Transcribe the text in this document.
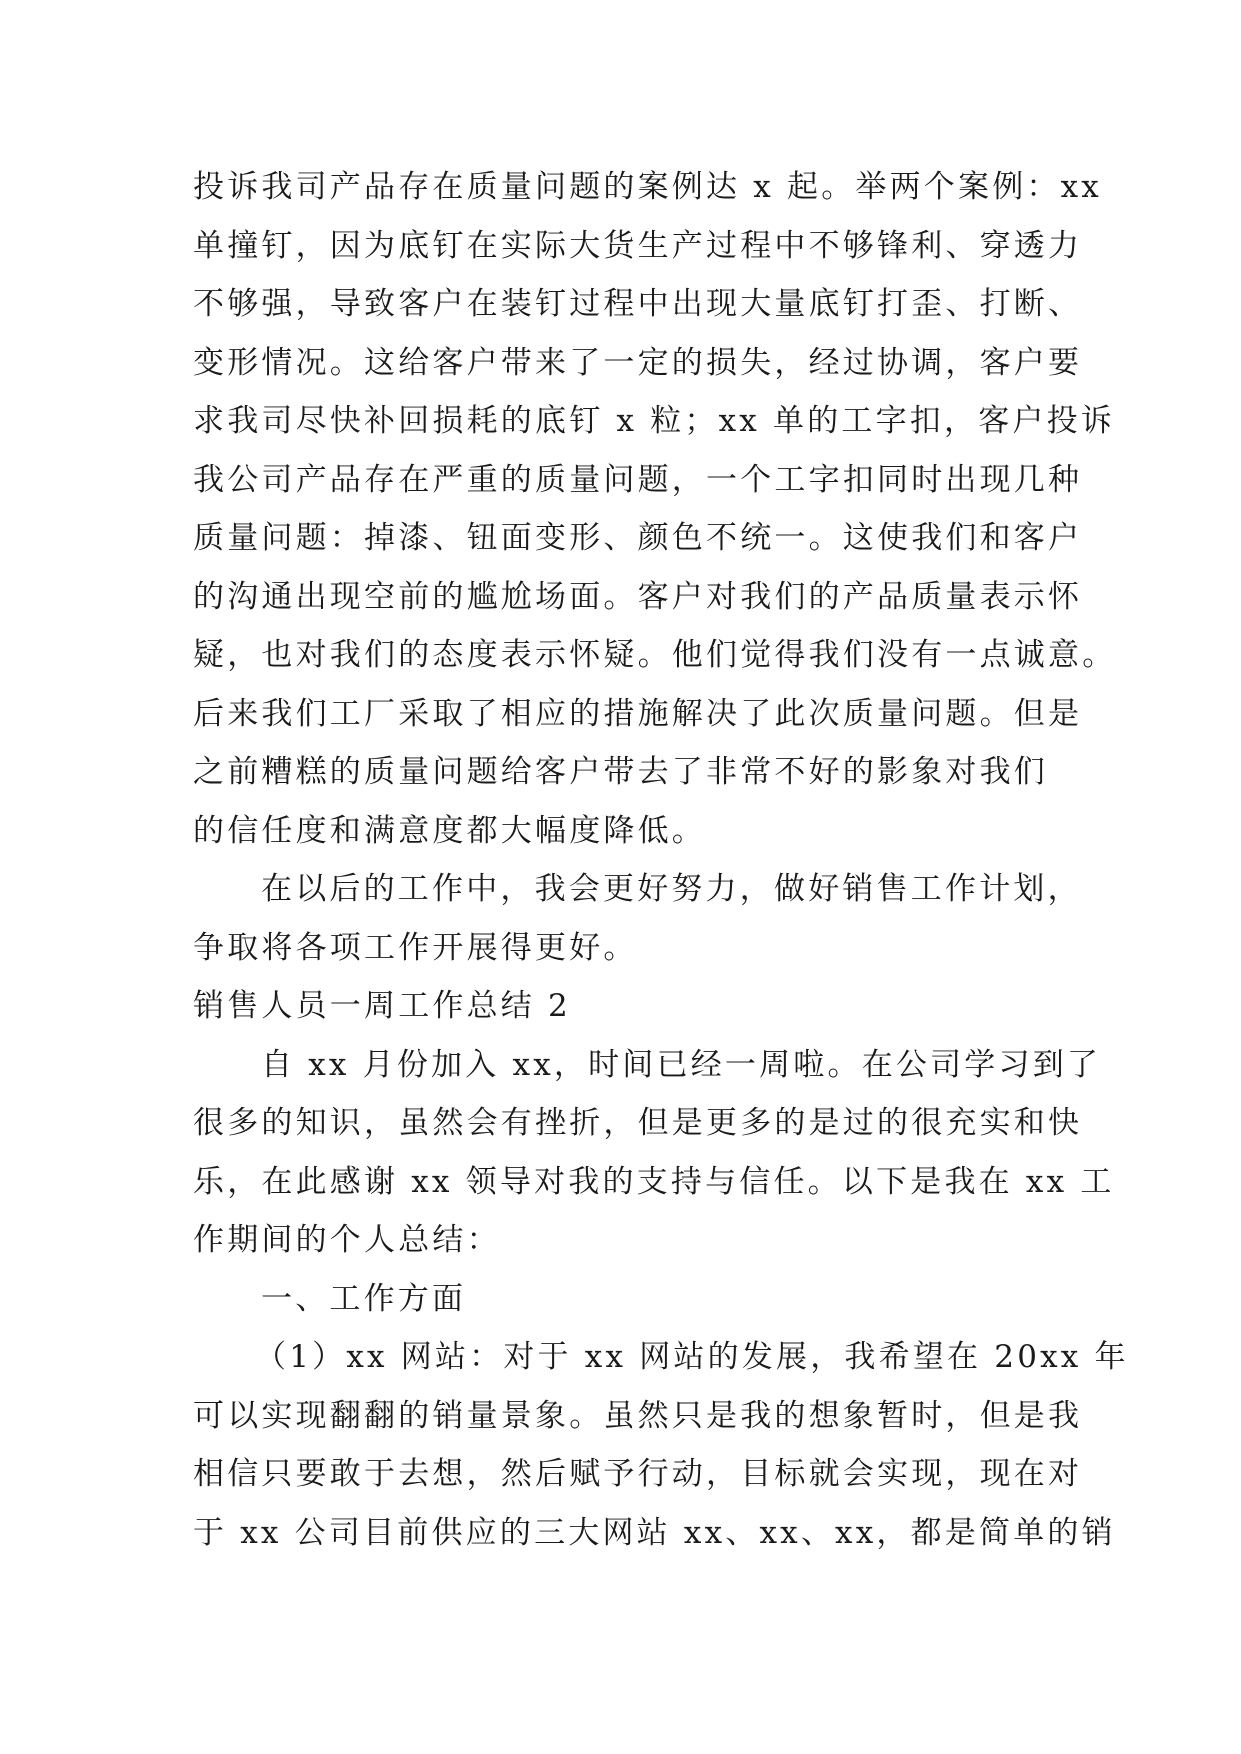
投诉我司产品存在质量问题的案例达 x 起。举两个案例：xx
单撞钉，因为底钉在实际大货生产过程中不够锋利、穿透力
不够强，导致客户在装钉过程中出现大量底钉打歪、打断、
变形情况。这给客户带来了一定的损失，经过协调，客户要
求我司尽快补回损耗的底钉 x 粒；xx 单的工字扣，客户投诉
我公司产品存在严重的质量问题，一个工字扣同时出现几种
质量问题：掉漆、钮面变形、颜色不统一。这使我们和客户
的沟通出现空前的尴尬场面。客户对我们的产品质量表示怀
疑，也对我们的态度表示怀疑。他们觉得我们没有一点诚意。
后来我们工厂采取了相应的措施解决了此次质量问题。但是
之前糟糕的质量问题给客户带去了非常不好的影象对我们
的信任度和满意度都大幅度降低。
在以后的工作中，我会更好努力，做好销售工作计划，
争取将各项工作开展得更好。
销售人员一周工作总结 2
自 xx 月份加入 xx，时间已经一周啦。在公司学习到了
很多的知识，虽然会有挫折，但是更多的是过的很充实和快
乐，在此感谢 xx 领导对我的支持与信任。以下是我在 xx 工
作期间的个人总结：
一、工作方面
（1）xx 网站：对于 xx 网站的发展，我希望在 20xx 年
可以实现翻翻的销量景象。虽然只是我的想象暂时，但是我
相信只要敢于去想，然后赋予行动，目标就会实现，现在对
于 xx 公司目前供应的三大网站 xx、xx、xx，都是简单的销
